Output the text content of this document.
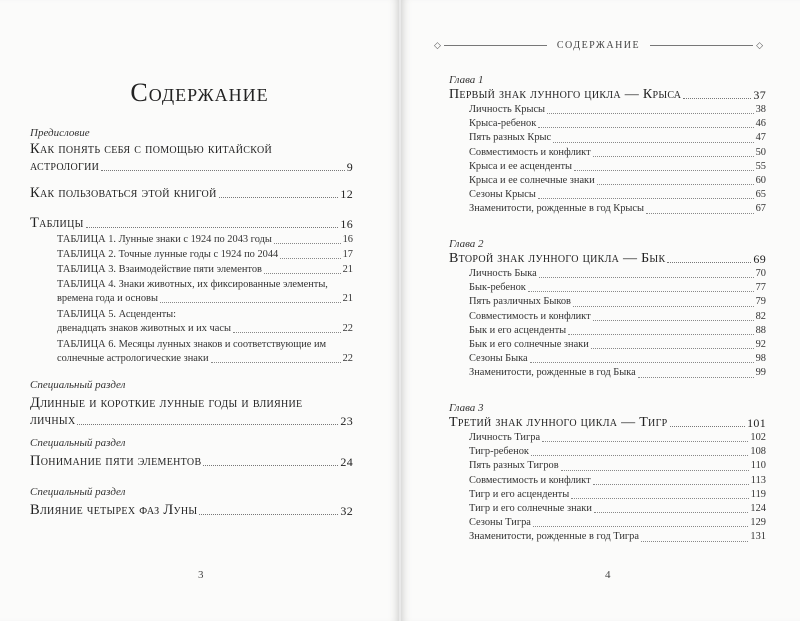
Содержание
Предисловие
Как понять себя с помощью китайской
астрологии	9
Как пользоваться этой книгой	12
Таблицы	16
ТАБЛИЦА 1. Лунные знаки с 1924 по 2043 годы	16
ТАБЛИЦА 2. Точные лунные годы с 1924 по 2044	17
ТАБЛИЦА 3. Взаимодействие пяти элементов	21
ТАБЛИЦА 4. Знаки животных, их фиксированные элементы,
времена года и основы	21
ТАБЛИЦА 5. Асценденты:
двенадцать знаков животных и их часы	22
ТАБЛИЦА 6. Месяцы лунных знаков и соответствующие им
солнечные астрологические знаки	22
Специальный раздел
Длинные и короткие лунные годы и влияние
личных	23
Специальный раздел
Понимание пяти элементов	24
Специальный раздел
Влияние четырех фаз Луны	32
3
◇	СОДЕРЖАНИЕ	◇
Глава 1
Первый знак лунного цикла — Крыса	37
Личность Крысы	38
Крыса-ребенок	46
Пять разных Крыс	47
Совместимость и конфликт	50
Крыса и ее асценденты	55
Крыса и ее солнечные знаки	60
Сезоны Крысы	65
Знаменитости, рожденные в год Крысы	67
Глава 2
Второй знак лунного цикла — Бык	69
Личность Быка	70
Бык-ребенок	77
Пять различных Быков	79
Совместимость и конфликт	82
Бык и его асценденты	88
Бык и его солнечные знаки	92
Сезоны Быка	98
Знаменитости, рожденные в год Быка	99
Глава 3
Третий знак лунного цикла — Тигр	101
Личность Тигра	102
Тигр-ребенок	108
Пять разных Тигров	110
Совместимость и конфликт	113
Тигр и его асценденты	119
Тигр и его солнечные знаки	124
Сезоны Тигра	129
Знаменитости, рожденные в год Тигра	131
4
